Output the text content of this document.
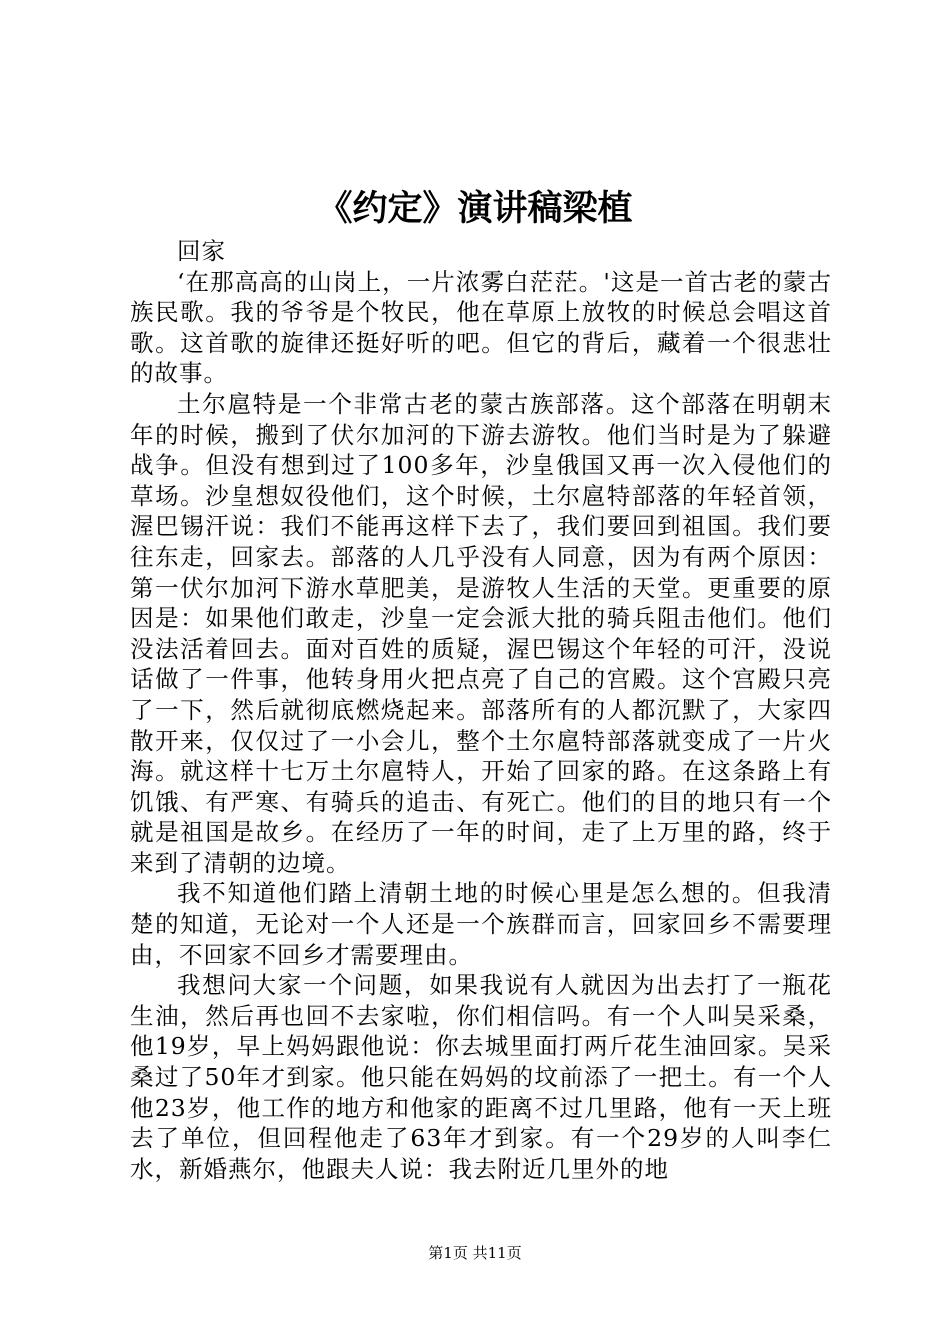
《约定》演讲稿梁植

回家

‘在那高高的山岗上，一片浓雾白茫茫。'这是一首古老的蒙古族民歌。我的爷爷是个牧民，他在草原上放牧的时候总会唱这首歌。这首歌的旋律还挺好听的吧。但它的背后，藏着一个很悲壮的故事。

土尔扈特是一个非常古老的蒙古族部落。这个部落在明朝末年的时候，搬到了伏尔加河的下游去游牧。他们当时是为了躲避战争。但没有想到过了100多年，沙皇俄国又再一次入侵他们的草场。沙皇想奴役他们，这个时候，土尔扈特部落的年轻首领，渥巴锡汗说：我们不能再这样下去了，我们要回到祖国。我们要往东走，回家去。部落的人几乎没有人同意，因为有两个原因：第一伏尔加河下游水草肥美，是游牧人生活的天堂。更重要的原因是：如果他们敢走，沙皇一定会派大批的骑兵阻击他们。他们没法活着回去。面对百姓的质疑，渥巴锡这个年轻的可汗，没说话做了一件事，他转身用火把点亮了自己的宫殿。这个宫殿只亮了一下，然后就彻底燃烧起来。部落所有的人都沉默了，大家四散开来，仅仅过了一小会儿，整个土尔扈特部落就变成了一片火海。就这样十七万土尔扈特人，开始了回家的路。在这条路上有饥饿、有严寒、有骑兵的追击、有死亡。他们的目的地只有一个就是祖国是故乡。在经历了一年的时间，走了上万里的路，终于来到了清朝的边境。

我不知道他们踏上清朝土地的时候心里是怎么想的。但我清楚的知道，无论对一个人还是一个族群而言，回家回乡不需要理由，不回家不回乡才需要理由。

我想问大家一个问题，如果我说有人就因为出去打了一瓶花生油，然后再也回不去家啦，你们相信吗。有一个人叫吴采桑，他19岁，早上妈妈跟他说：你去城里面打两斤花生油回家。吴采桑过了50年才到家。他只能在妈妈的坟前添了一把土。有一个人他23岁，他工作的地方和他家的距离不过几里路，他有一天上班去了单位，但回程他走了63年才到家。有一个29岁的人叫李仁水，新婚燕尔，他跟夫人说：我去附近几里外的地

第1页 共11页
